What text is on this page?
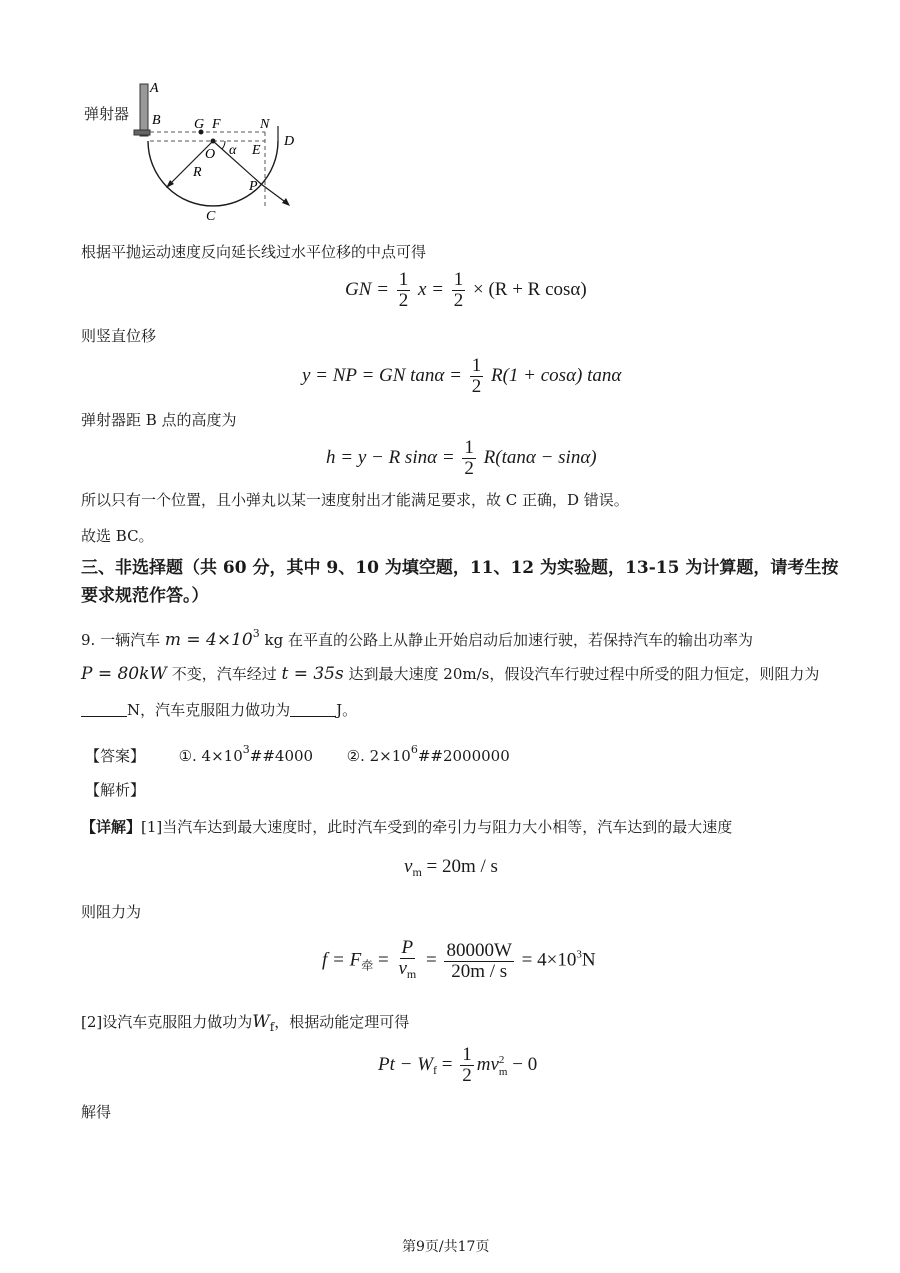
弹射器
A
B G F	N
D
O α E
R
P
C
根据平抛运动速度反向延长线过水平位移的中点可得
GN = $\frac{1}{2}$ $x = \frac{1}{2} \times (R + R$ cosα)
则竖直位移
y = NP = GN $\tan\alpha = \frac{1}{2} R(1 + \cos\alpha)$ tanα
弹射器距 B 点的高度为
h = y − R $\sin\alpha = \frac{1}{2} R(\tan\alpha - \sin\alpha)$
所以只有一个位置，且小弹丸以某一速度射出才能满足要求，故 C 正确，D 错误。
故选 BC。
三、非选择题（共 60 分，其中 9、10 为填空题，11、12 为实验题，13-15 为计算题，请考生按
要求规范作答。）
9. 一辆汽车 $m = 4\times 10^3$ kg 在平直的公路上从静止开始启动后加速行驶，若保持汽车的输出功率为
P = 80kW 不变，汽车经过 t = 35s 达到最大速度 20m/s，假设汽车行驶过程中所受的阻力恒定，则阻力为
N，汽车克服阻力做功为	J。
【答案】 ①. $4\times 10^3\#\#4000$ ②. $2\times 10^6\#\#2000000$
【解析】
【详解】[1]当汽车达到最大速度时，此时汽车受到的牵引力与阻力大小相等，汽车达到的最大速度
$v_m = 20m / s$
则阻力为
$f = F_牵 = \frac{P}{v_m} = \frac{80000W}{20m / s} = 4\times 10^3N$
[2]设汽车克服阻力做功为$W_f$，根据动能定理可得
$Pt - W_f = \frac{1}{2}$ mv 2
m − 0
解得
第9页/共17页
